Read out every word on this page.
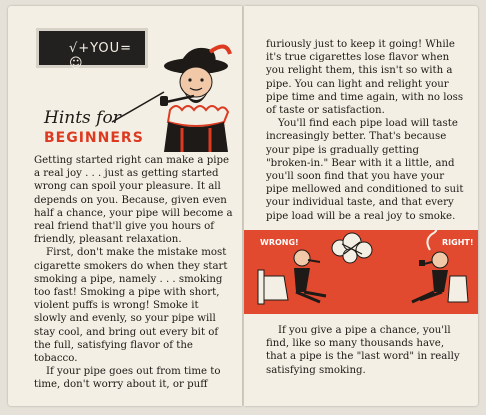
√+YOU=☺
Hints for
BEGINNERS

Getting started right can make a pipe a real joy . . . just as getting started wrong can spoil your pleasure. It all depends on you. Because, given even half a chance, your pipe will become a real friend that'll give you hours of friendly, pleasant relaxation.

First, don't make the mistake most cigarette smokers do when they start smoking a pipe, namely . . . smoking too fast! Smoking a pipe with short, violent puffs is wrong! Smoke it slowly and evenly, so your pipe will stay cool, and bring out every bit of the full, satisfying flavor of the tobacco.

If your pipe goes out from time to time, don't worry about it, or puff

furiously just to keep it going! While it's true cigarettes lose flavor when you relight them, this isn't so with a pipe. You can light and relight your pipe time and time again, with no loss of taste or satisfaction.

You'll find each pipe load will taste increasingly better. That's because your pipe is gradually getting "broken-in." Bear with it a little, and you'll soon find that you have your pipe mellowed and conditioned to suit your individual taste, and that every pipe load will be a real joy to smoke.

WRONG!	RIGHT!

If you give a pipe a chance, you'll find, like so many thousands have, that a pipe is the "last word" in really satisfying smoking.
